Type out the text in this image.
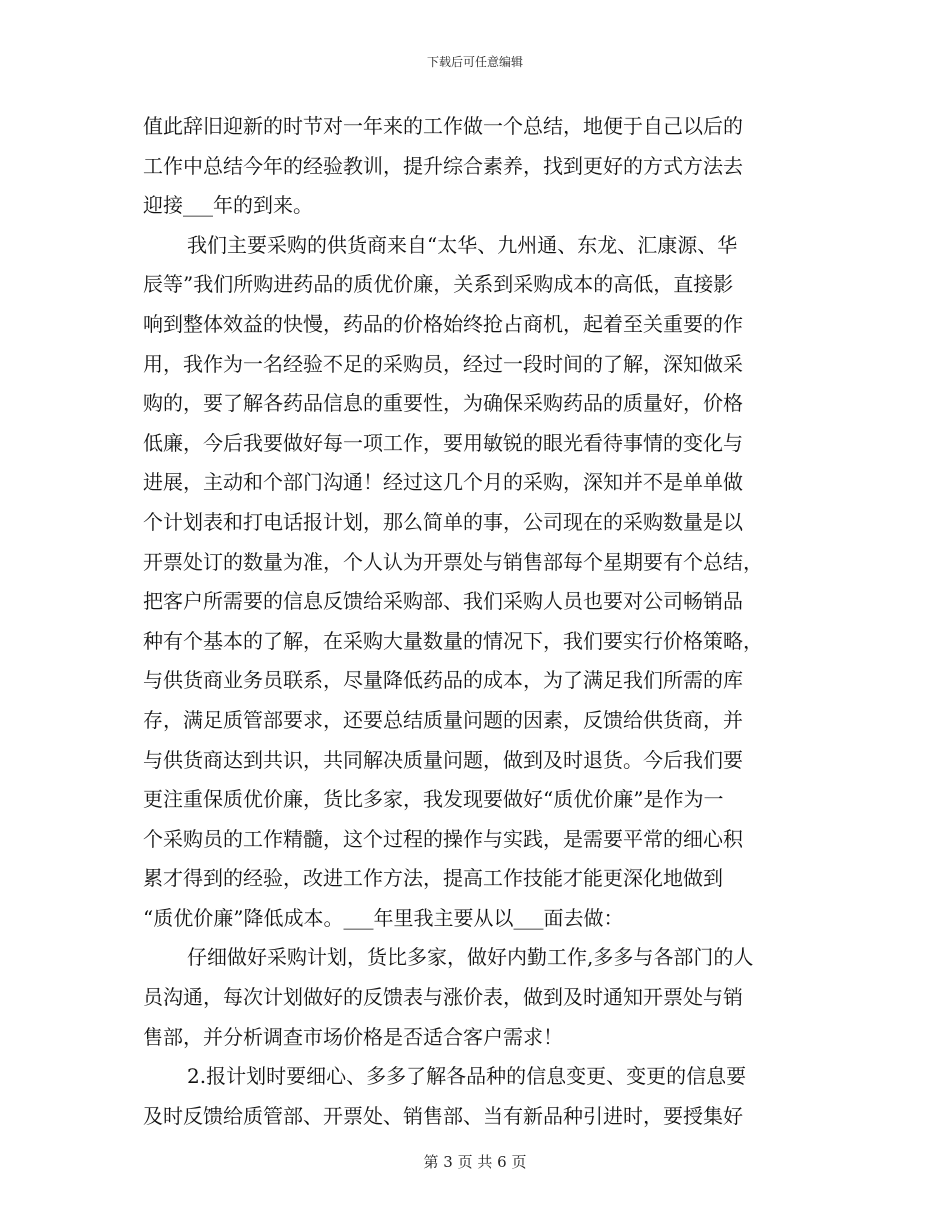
下载后可任意编辑
值此辞旧迎新的时节对一年来的工作做一个总结，地便于自己以后的
工作中总结今年的经验教训，提升综合素养，找到更好的方式方法去
迎接___年的到来。
我们主要采购的供货商来自“太华、九州通、东龙、汇康源、华
辰等”我们所购进药品的质优价廉，关系到采购成本的高低，直接影
响到整体效益的快慢，药品的价格始终抢占商机，起着至关重要的作
用，我作为一名经验不足的采购员，经过一段时间的了解，深知做采
购的，要了解各药品信息的重要性，为确保采购药品的质量好，价格
低廉，今后我要做好每一项工作，要用敏锐的眼光看待事情的变化与
进展，主动和个部门沟通！经过这几个月的采购，深知并不是单单做
个计划表和打电话报计划，那么简单的事，公司现在的采购数量是以
开票处订的数量为准，个人认为开票处与销售部每个星期要有个总结，
把客户所需要的信息反馈给采购部、我们采购人员也要对公司畅销品
种有个基本的了解，在采购大量数量的情况下，我们要实行价格策略，
与供货商业务员联系，尽量降低药品的成本，为了满足我们所需的库
存，满足质管部要求，还要总结质量问题的因素，反馈给供货商，并
与供货商达到共识，共同解决质量问题，做到及时退货。今后我们要
更注重保质优价廉，货比多家，我发现要做好“质优价廉”是作为一
个采购员的工作精髓，这个过程的操作与实践，是需要平常的细心积
累才得到的经验，改进工作方法，提高工作技能才能更深化地做到
“质优价廉”降低成本。___年里我主要从以___面去做：
仔细做好采购计划，货比多家，做好内勤工作,多多与各部门的人
员沟通，每次计划做好的反馈表与涨价表，做到及时通知开票处与销
售部，并分析调查市场价格是否适合客户需求！
2.报计划时要细心、多多了解各品种的信息变更、变更的信息要
及时反馈给质管部、开票处、销售部、当有新品种引进时，要授集好
第 3 页 共 6 页
